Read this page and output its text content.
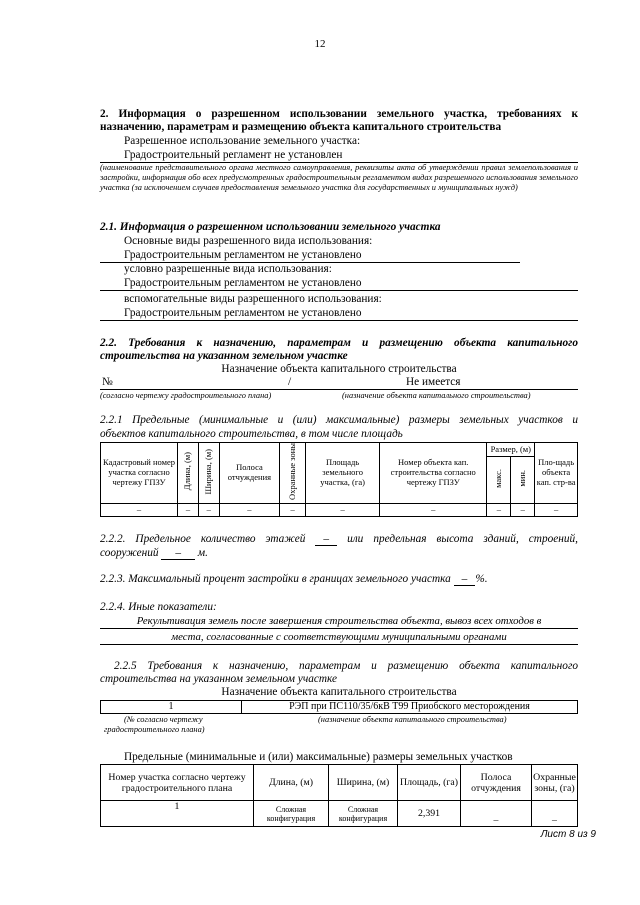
12
2. Информация о разрешенном использовании земельного участка, требованиях к
назначению, параметрам и размещению объекта капитального строительства
Разрешенное использование земельного участка:
Градостроительный регламент не установлен
(наименование представительного органа местного самоуправления, реквизиты акта об утверждении правил землепользования и застройки, информация обо всех предусмотренных градостроительным регламентом видах разрешенного использования земельного участка (за исключением случаев предоставления земельного участка для государственных и муниципальных нужд)
2.1. Информация о разрешенном использовании земельного участка
Основные виды разрешенного вида использования:
Градостроительным регламентом не установлено
условно разрешенные вида использования:
Градостроительным регламентом не установлено
вспомогательные виды разрешенного использования:
Градостроительным регламентом не установлено
2.2. Требования к назначению, параметрам и размещению объекта капитального
строительства на указанном земельном участке
Назначение объекта капитального строительства
№	/	Не имеется
(согласно чертежу градостроительного плана)	(назначение объекта капитального строительства)
2.2.1 Предельные (минимальные и (или) максимальные) размеры земельных участков и
объектов капитального строительства, в том числе площадь
Кадастровый номер участка согласно чертежу ГПЗУ	Длина, (м)	Ширина, (м)	Полоса отчуждения	Охранные зоны	Площадь земельного участка, (га)	Номер объекта кап. строительства согласно чертежу ГПЗУ	Размер, (м)		Пло-щадь объекта кап. стр-ва
							макс.	мин.	
–	–	–	–	–	–	–	–	–	–
2.2.2. Предельное количество этажей – или предельная высота зданий, строений,
сооружений – м.
2.2.3. Максимальный процент застройки в границах земельного участка – %.
2.2.4. Иные показатели:
Рекультивация земель после завершения строительства объекта, вывоз всех отходов в
места, согласованные с соответствующими муниципальными органами
2.2.5 Требования к назначению, параметрам и размещению объекта капитального
строительства на указанном земельном участке
Назначение объекта капитального строительства
1	РЭП при ПС110/35/6кВ Т99 Приобского месторождения
(№ согласно чертежу
градостроительного плана)
(назначение объекта капитального строительства)
Предельные (минимальные и (или) максимальные) размеры земельных участков
Номер участка согласно чертежу градостроительного плана	Длина, (м)	Ширина, (м)	Площадь, (га)	Полоса отчуждения	Охранные зоны, (га)
1	Сложная конфигурация	Сложная конфигурация	2,391	–	–
Лист 8 из 9
